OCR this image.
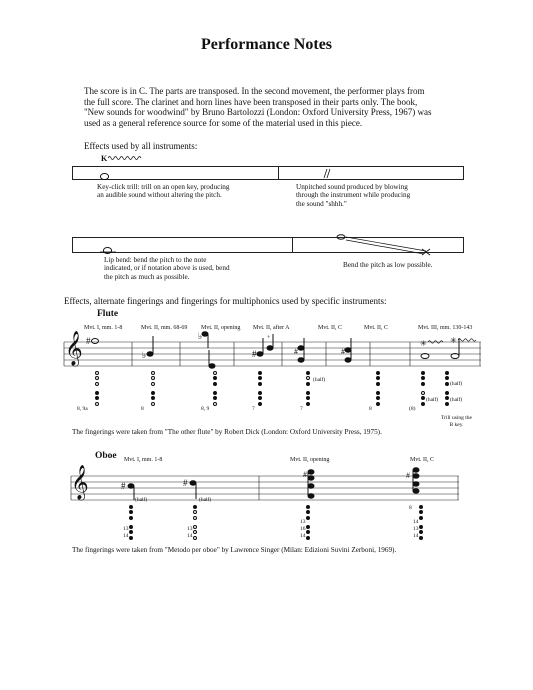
Performance Notes
The score is in C. The parts are transposed. In the second movement, the performer plays from
the full score. The clarinet and horn lines have been transposed in their parts only. The book,
"New sounds for woodwind" by Bruno Bartolozzi (London: Oxford University Press, 1967) was
used as a general reference source for some of the material used in this piece.
Effects used by all instruments:
K
Key-click trill: trill on an open key, producing
an audible sound without altering the pitch.
Unpitched sound produced by blowing
through the instrument while producing
the sound "shhh."
Lip bend: bend the pitch to the note
indicated, or if notation above is used, bend
the pitch as much as possible.
Bend the pitch as low possible.
Effects, alternate fingerings and fingerings for multiphonics used by specific instruments:
Flute
Mvt. I, mm. 1-8	Mvt. II, mm. 68-69 Mvt. II, opening Mvt. II, after A	Mvt. II, C	Mvt. II, C	Mvt. III, mm. 130-143
𝄞 #
♭
♭
#
+
#	#
✳	✳
8, 9a	8	8, 9	7	7	8	(8)
(half)
(half)
(half)
(half)
Trill using the
B key.
The fingerings were taken from "The other flute" by Robert Dick (London: Oxford University Press, 1975).
Oboe Mvt. I, mm. 1-8	Mvt. II, opening	Mvt. II, C
𝄞	#	#
#	#
(half)	(half)
13
14
13
14
16
14
13
14
8
13	14
The fingerings were taken from "Metodo per oboe" by Lawrence Singer (Milan: Edizioni Suvini Zerboni, 1969).
